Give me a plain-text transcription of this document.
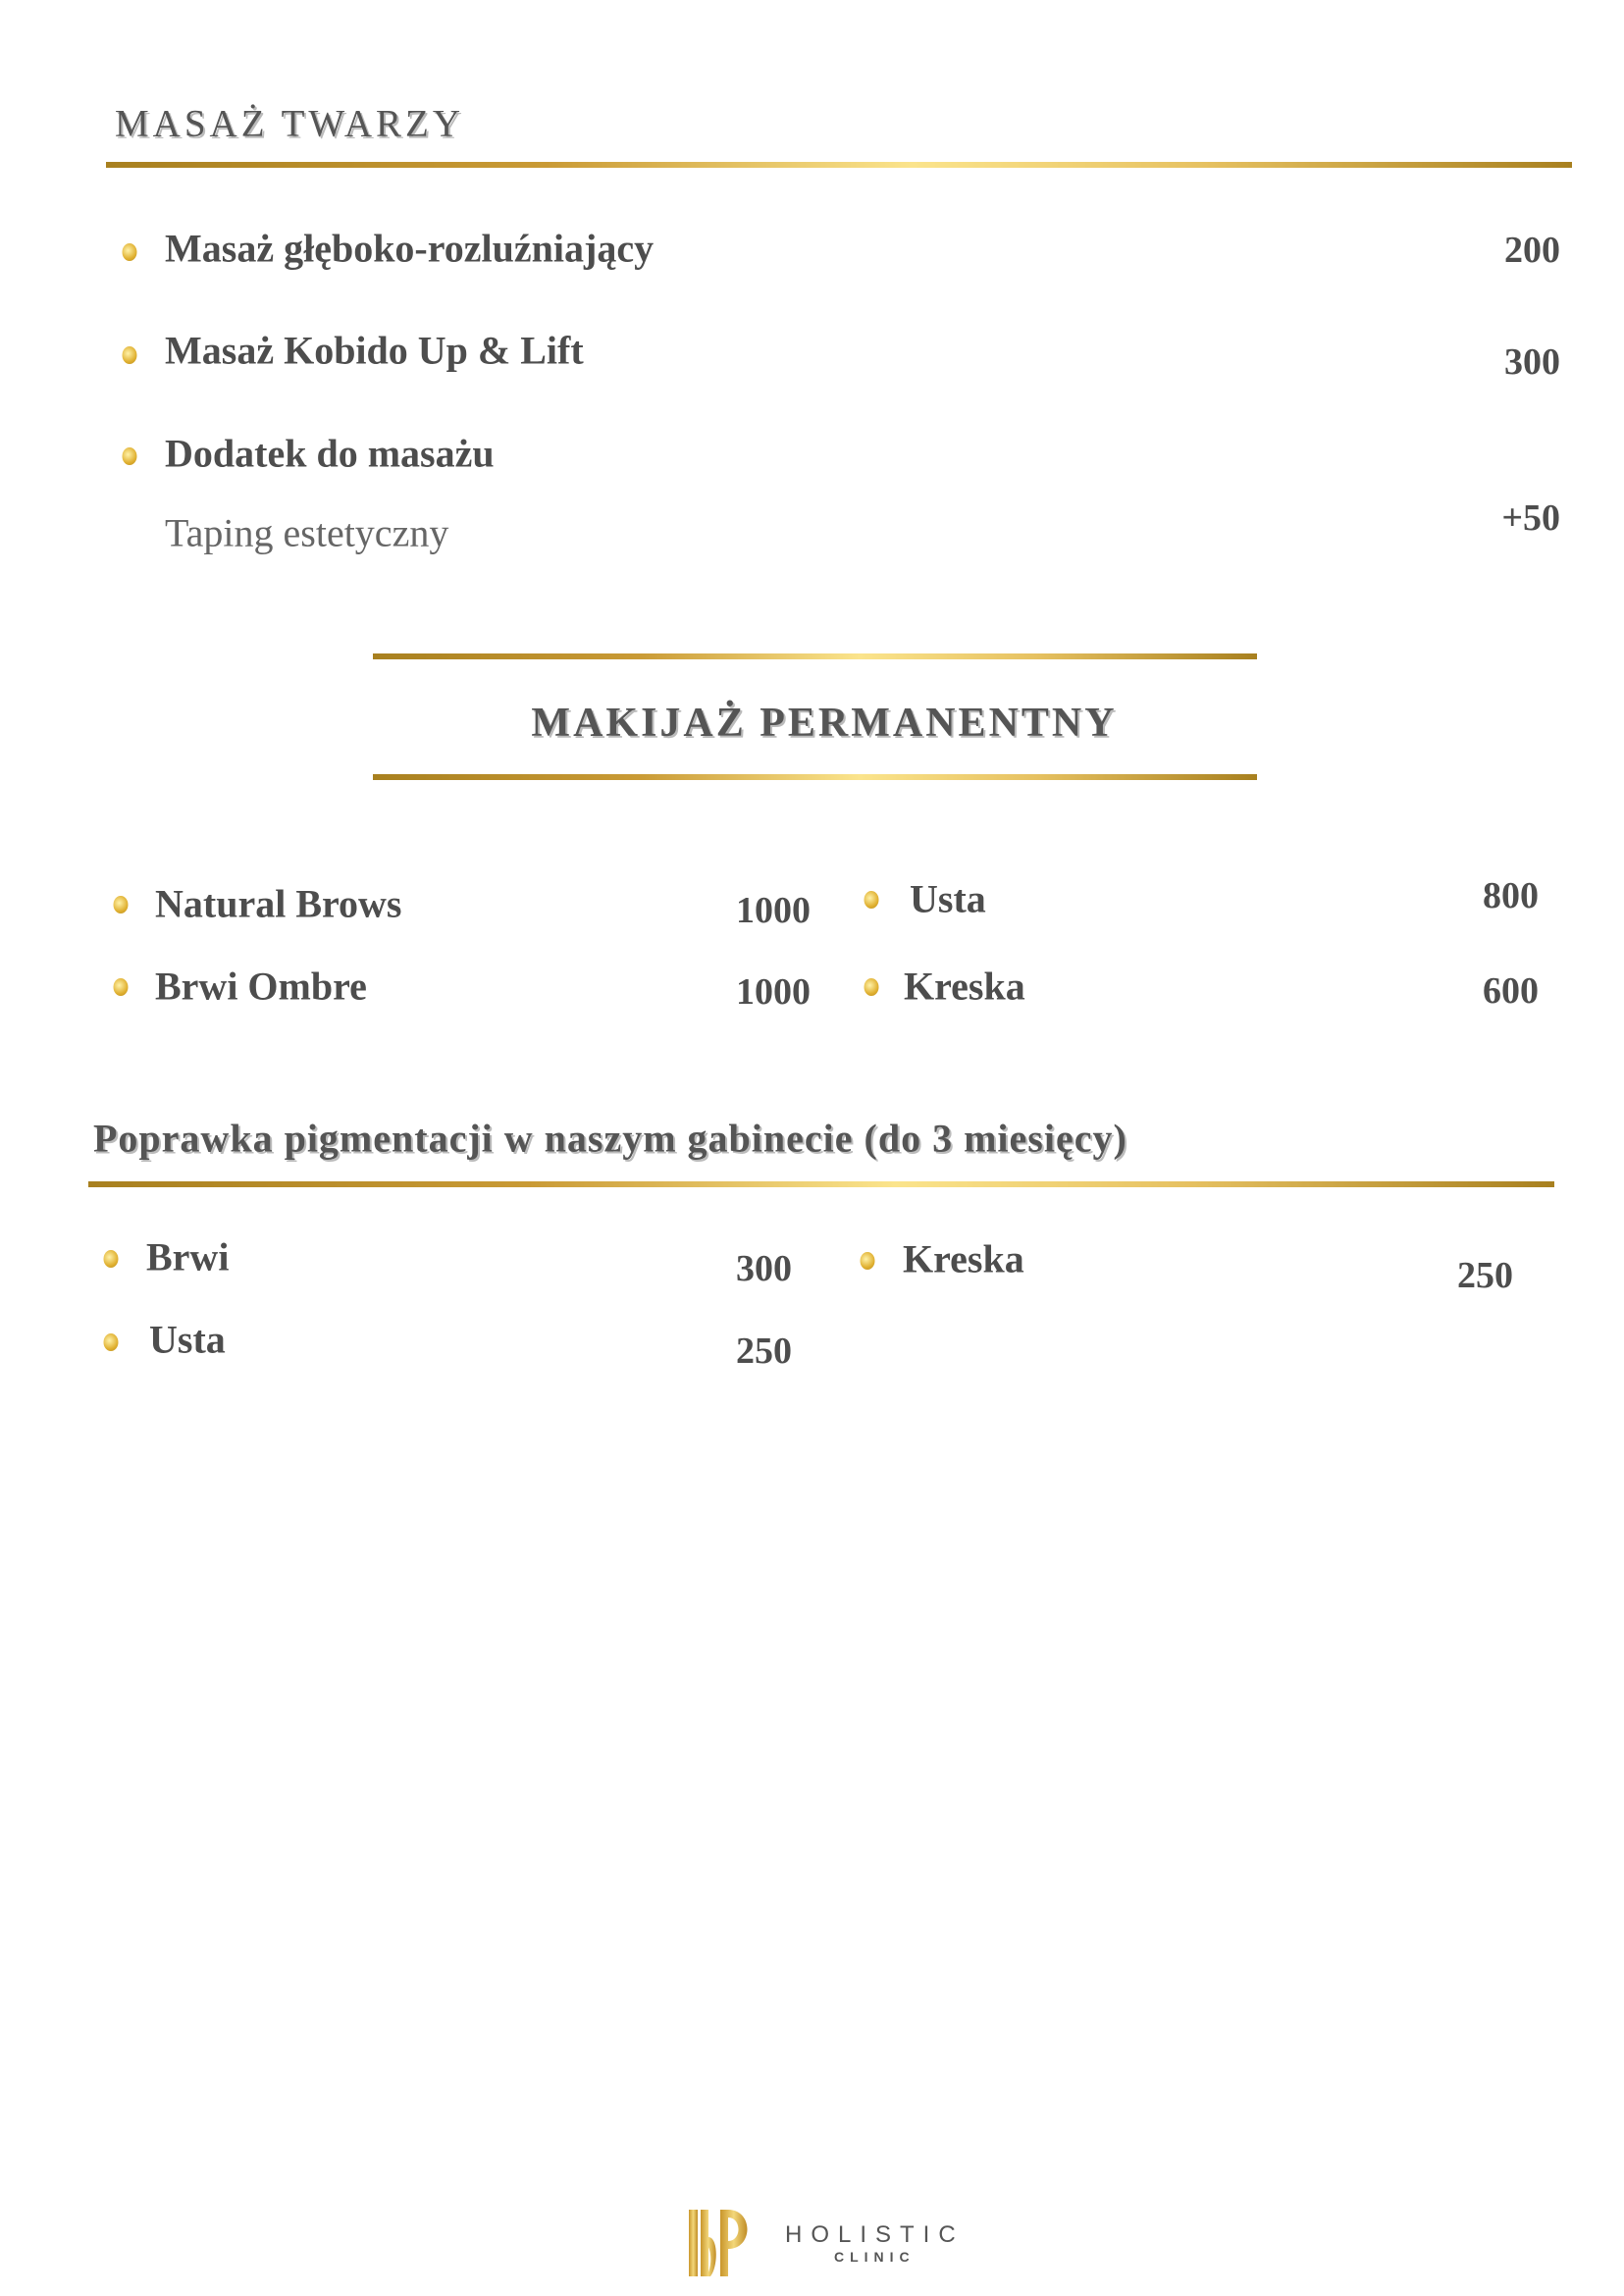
MASAŻ TWARZY
Masaż głęboko-rozluźniający	200
Masaż Kobido Up & Lift	300
Dodatek do masażu
Taping estetyczny	+50
MAKIJAŻ PERMANENTNY
Natural Brows	1000
Brwi Ombre	1000
Usta	800
Kreska	600
Poprawka pigmentacji w naszym gabinecie (do 3 miesięcy)
Brwi	300
Usta	250
Kreska	250
HOLISTIC
CLINIC
